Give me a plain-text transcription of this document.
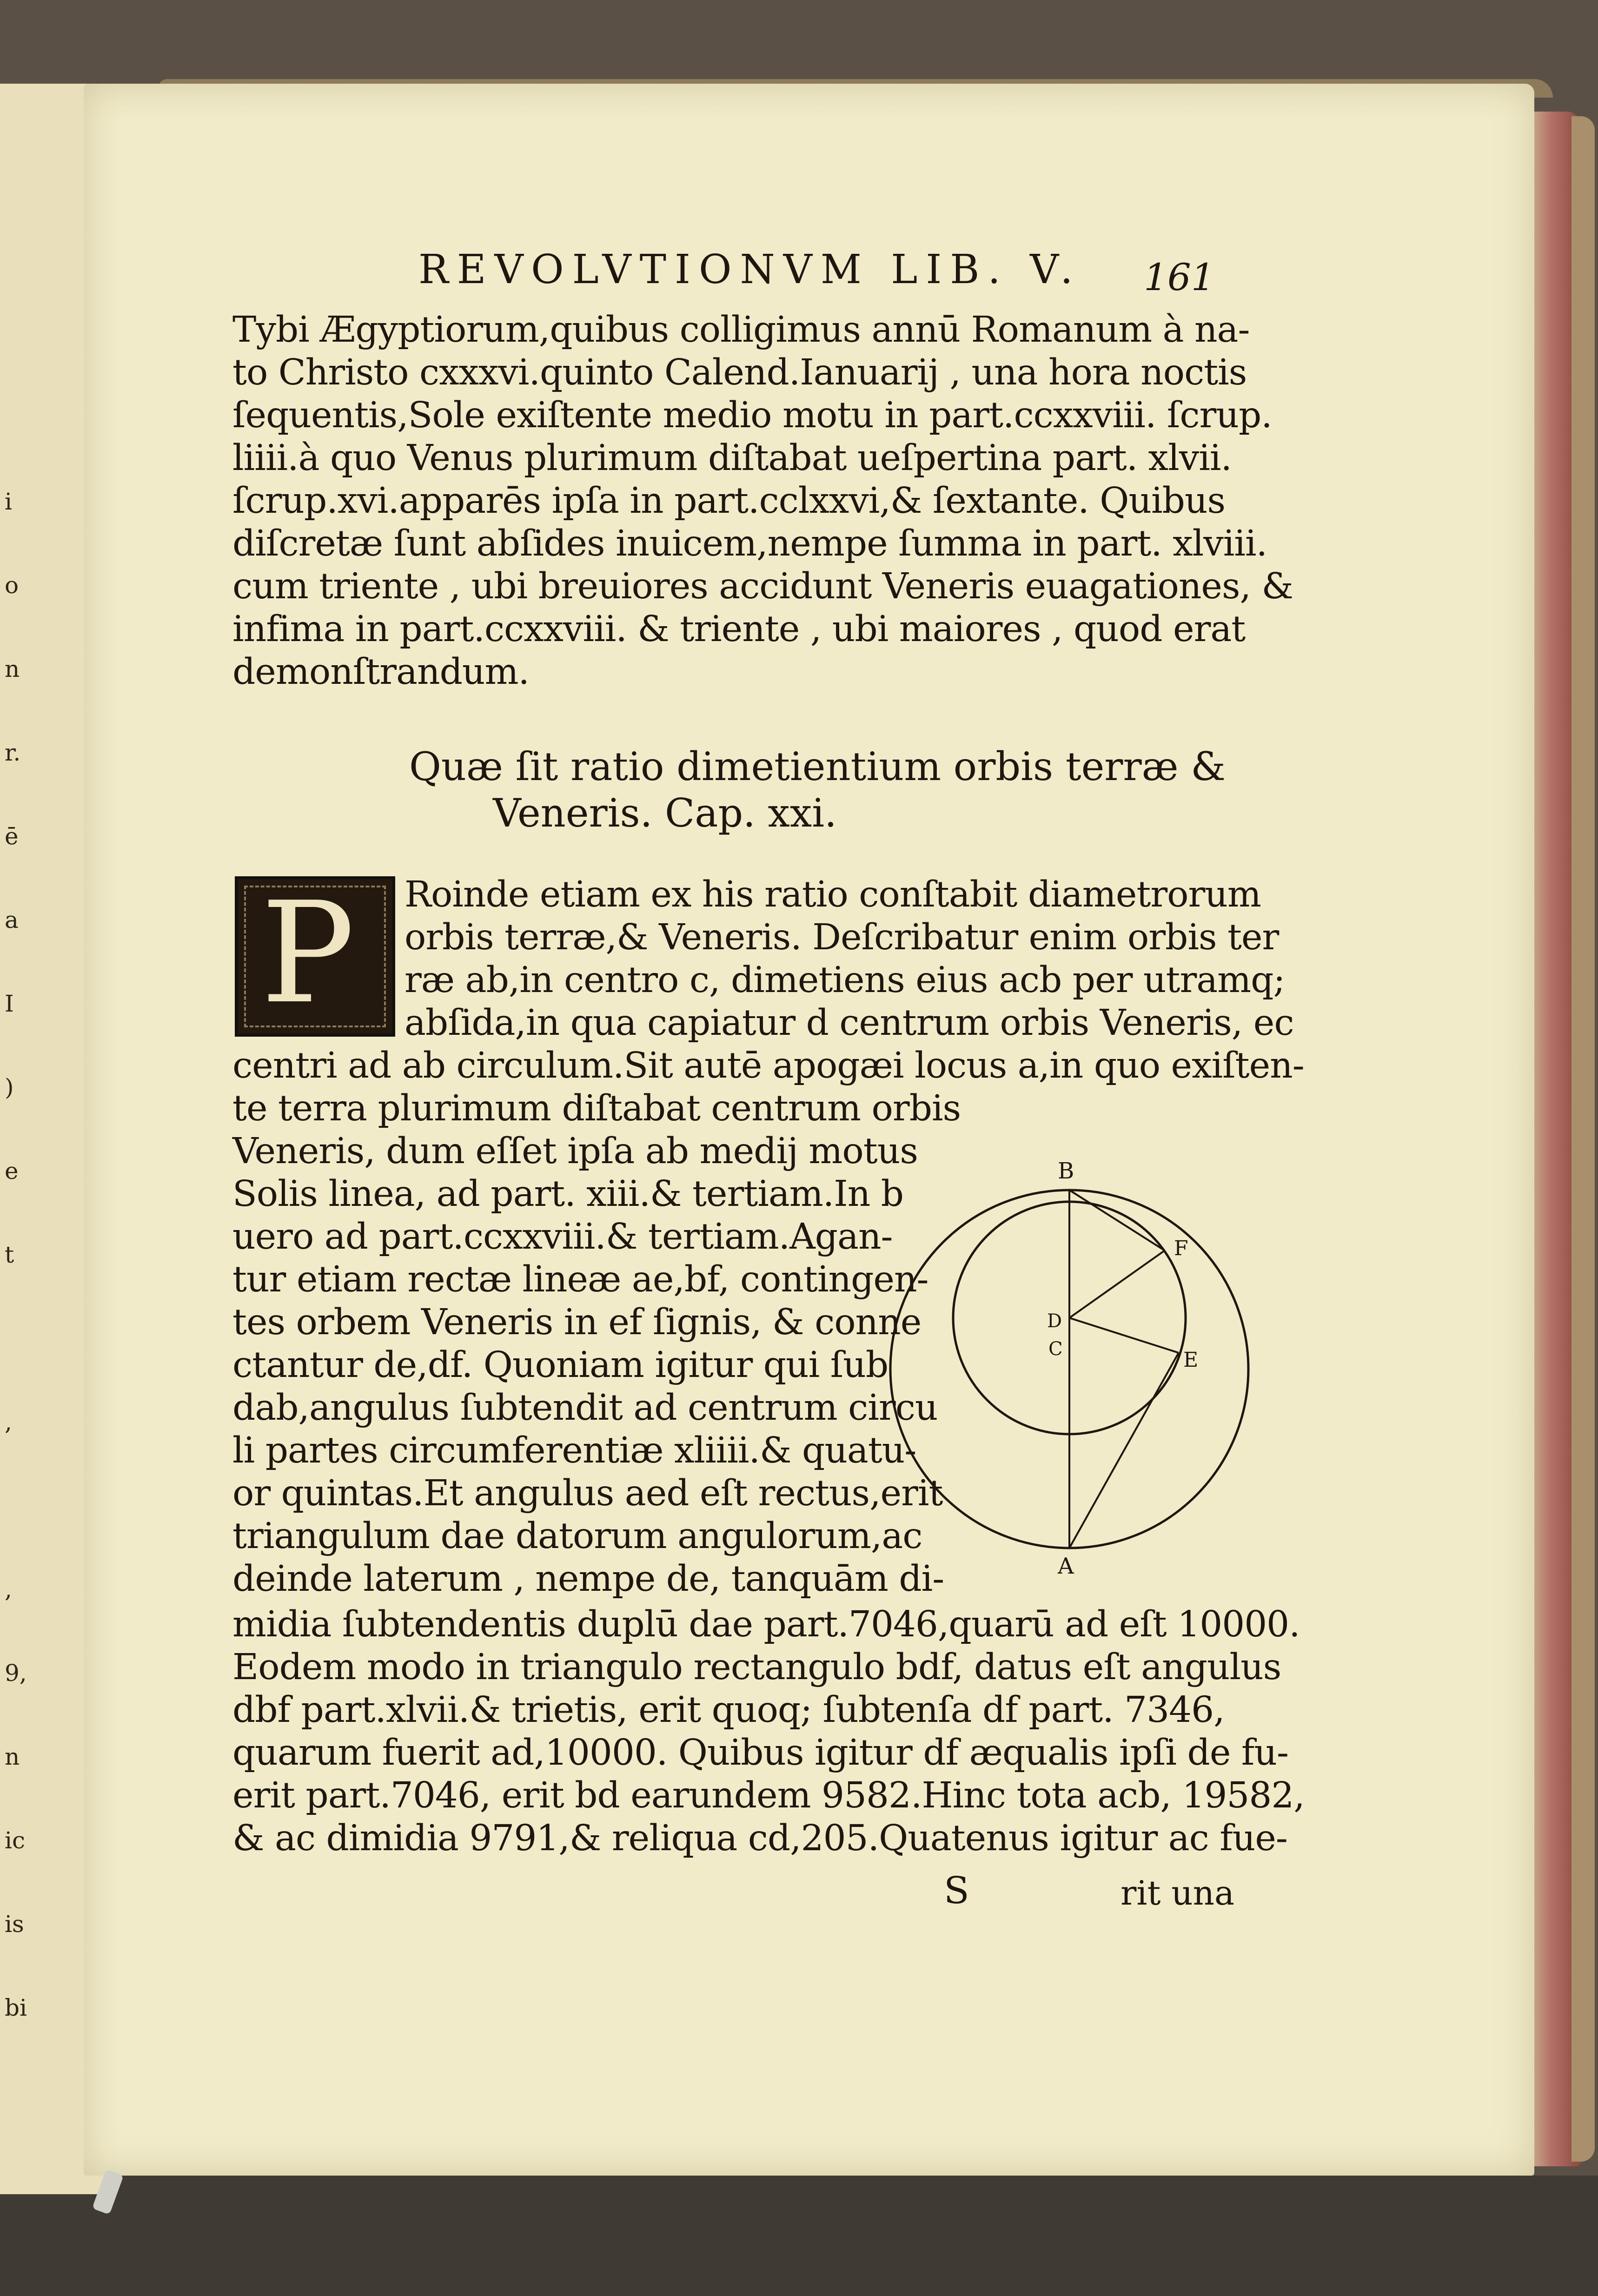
i
o
n
r.
ē
a
I
)
e
t
,
,
9,
n
ic
is
bi
REVOLVTIONVM LIB. V.	161
Tybi Ægyptiorum,quibus colligimus annū Romanum à na-
to Christo cxxxvi.quinto Calend.Ianuarij , una hora noctis
ſequentis,Sole exiſtente medio motu in part.ccxxviii. ſcrup.
liiii.à quo Venus plurimum diſtabat ueſpertina part. xlvii.
ſcrup.xvi.apparēs ipſa in part.cclxxvi,& ſextante. Quibus
diſcretæ ſunt abſides inuicem,nempe ſumma in part. xlviii.
cum triente , ubi breuiores accidunt Veneris euagationes, &
infima in part.ccxxviii. & triente , ubi maiores , quod erat
demonſtrandum.
Quæ ſit ratio dimetientium orbis terræ &
Veneris. Cap. xxi.
P Roinde etiam ex his ratio conſtabit diametrorum
orbis terræ,& Veneris. Deſcribatur enim orbis ter
ræ ab,in centro c, dimetiens eius acb per utramq;
abſida,in qua capiatur d centrum orbis Veneris, ec
centri ad ab circulum.Sit autē apogæi locus a,in quo exiſten-
te terra plurimum diſtabat centrum orbis
Veneris, dum eſſet ipſa ab medij motus
Solis linea, ad part. xiii.& tertiam.In b
uero ad part.ccxxviii.& tertiam.Agan-
tur etiam rectæ lineæ ae,bf, contingen-
tes orbem Veneris in ef ſignis, & conne
ctantur de,df. Quoniam igitur qui ſub
dab,angulus ſubtendit ad centrum circu
li partes circumferentiæ xliiii.& quatu-
or quintas.Et angulus aed eſt rectus,erit
triangulum dae datorum angulorum,ac
deinde laterum , nempe de, tanquām di-
midia ſubtendentis duplū dae part.7046,quarū ad eſt 10000.
Eodem modo in triangulo rectangulo bdf, datus eſt angulus
dbf part.xlvii.& trietis, erit quoq; ſubtenſa df part. 7346,
quarum fuerit ad,10000. Quibus igitur df æqualis ipſi de fu-
erit part.7046, erit bd earundem 9582.Hinc tota acb, 19582,
& ac dimidia 9791,& reliqua cd,205.Quatenus igitur ac fue-
B
F
D
C	E
A
S	rit una
